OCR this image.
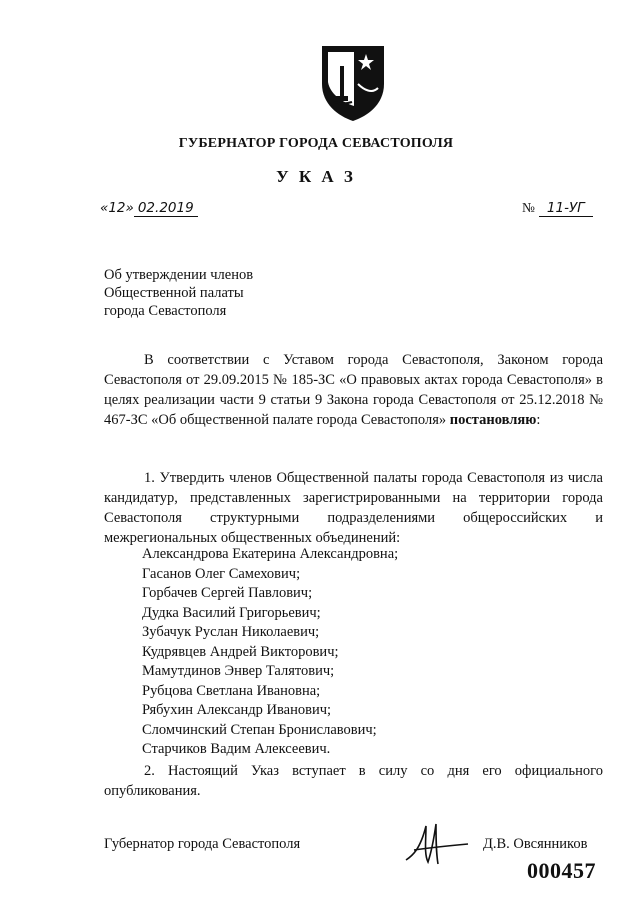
ГУБЕРНАТОР ГОРОДА СЕВАСТОПОЛЯ
У К А З
«12» 02.2019	№ 11-УГ
Об утверждении членов
Общественной палаты
города Севастополя
В соответствии с Уставом города Севастополя, Законом города Севастополя от 29.09.2015 № 185-ЗС «О правовых актах города Севастополя» в целях реализации части 9 статьи 9 Закона города Севастополя от 25.12.2018 № 467-ЗС «Об общественной палате города Севастополя» постановляю:
1. Утвердить членов Общественной палаты города Севастополя из числа кандидатур, представленных зарегистрированными на территории города Севастополя структурными подразделениями общероссийских и межрегиональных общественных объединений:
Александрова Екатерина Александровна;
Гасанов Олег Самехович;
Горбачев Сергей Павлович;
Дудка Василий Григорьевич;
Зубачук Руслан Николаевич;
Кудрявцев Андрей Викторович;
Мамутдинов Энвер Талятович;
Рубцова Светлана Ивановна;
Рябухин Александр Иванович;
Сломчинский Степан Брониславович;
Старчиков Вадим Алексеевич.
2. Настоящий Указ вступает в силу со дня его официального опубликования.
Губернатор города Севастополя	Д.В. Овсянников
000457
